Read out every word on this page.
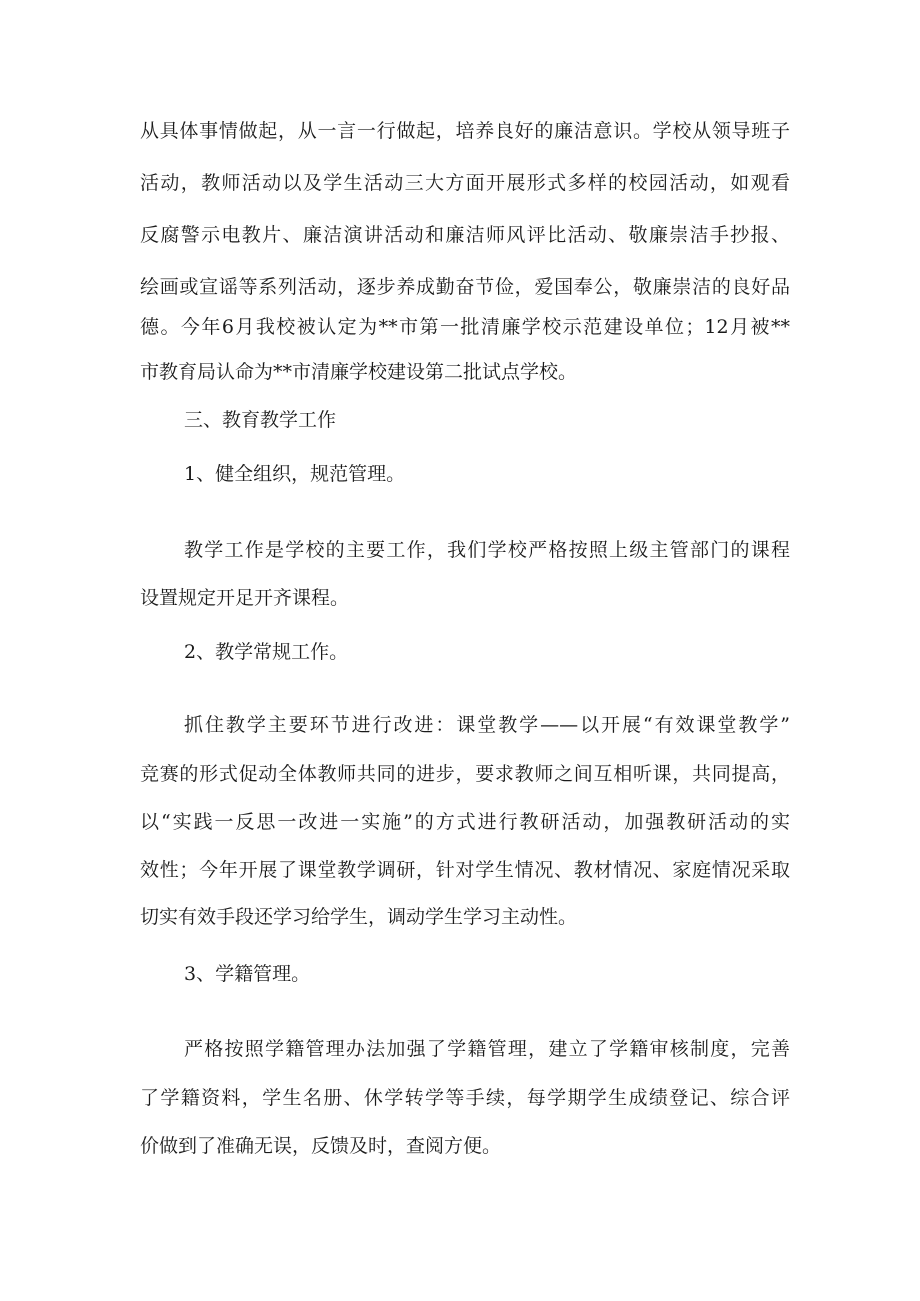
从具体事情做起，从一言一行做起，培养良好的廉洁意识。学校从领导班子
活动，教师活动以及学生活动三大方面开展形式多样的校园活动，如观看
反腐警示电教片、廉洁演讲活动和廉洁师风评比活动、敬廉崇洁手抄报、
绘画或宣谣等系列活动，逐步养成勤奋节俭，爱国奉公，敬廉崇洁的良好品
德。今年6月我校被认定为**市第一批清廉学校示范建设单位；12月被**
市教育局认命为**市清廉学校建设第二批试点学校。
三、教育教学工作
1、健全组织，规范管理。
教学工作是学校的主要工作，我们学校严格按照上级主管部门的课程
设置规定开足开齐课程。
2、教学常规工作。
抓住教学主要环节进行改进：课堂教学——以开展“有效课堂教学”
竞赛的形式促动全体教师共同的进步，要求教师之间互相听课，共同提高，
以“实践一反思一改进一实施”的方式进行教研活动，加强教研活动的实
效性；今年开展了课堂教学调研，针对学生情况、教材情况、家庭情况采取
切实有效手段还学习给学生，调动学生学习主动性。
3、学籍管理。
严格按照学籍管理办法加强了学籍管理，建立了学籍审核制度，完善
了学籍资料，学生名册、休学转学等手续，每学期学生成绩登记、综合评
价做到了准确无误，反馈及时，查阅方便。
